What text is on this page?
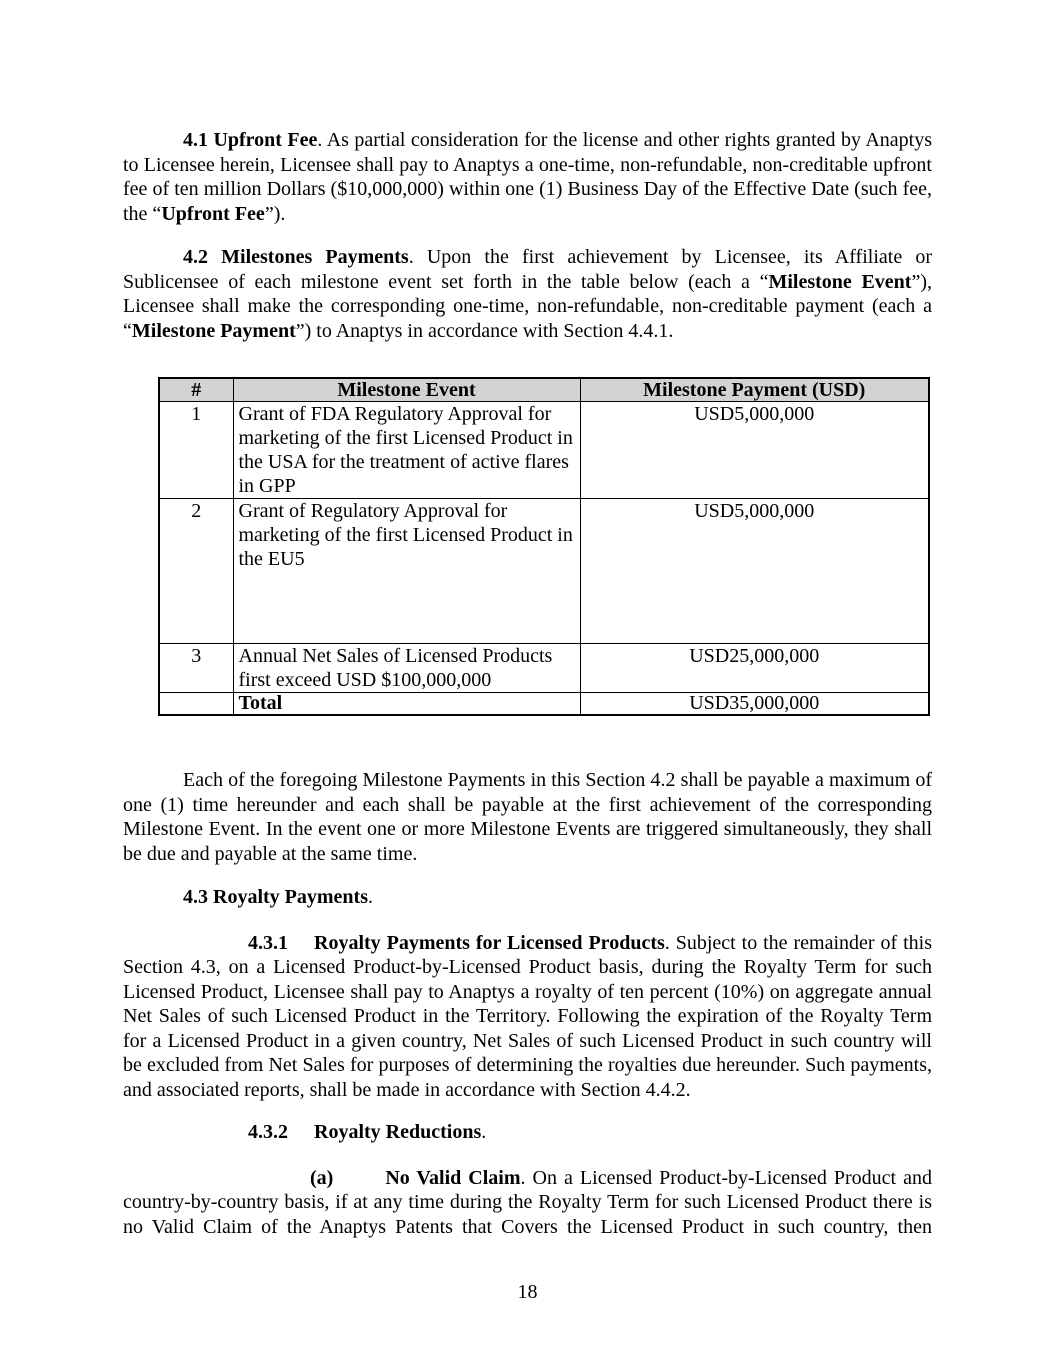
4.1 Upfront Fee. As partial consideration for the license and other rights granted by Anaptys to Licensee herein, Licensee shall pay to Anaptys a one-time, non-refundable, non-creditable upfront fee of ten million Dollars ($10,000,000) within one (1) Business Day of the Effective Date (such fee, the “Upfront Fee”).

4.2 Milestones Payments. Upon the first achievement by Licensee, its Affiliate or Sublicensee of each milestone event set forth in the table below (each a “Milestone Event”), Licensee shall make the corresponding one-time, non-refundable, non-creditable payment (each a “Milestone Payment”) to Anaptys in accordance with Section 4.4.1.

#	Milestone Event	Milestone Payment (USD)
1	Grant of FDA Regulatory Approval for marketing of the first Licensed Product in the USA for the treatment of active flares in GPP	USD5,000,000
2	Grant of Regulatory Approval for marketing of the first Licensed Product in the EU5	USD5,000,000
3	Annual Net Sales of Licensed Products first exceed USD $100,000,000	USD25,000,000
	Total	USD35,000,000

Each of the foregoing Milestone Payments in this Section 4.2 shall be payable a maximum of one (1) time hereunder and each shall be payable at the first achievement of the corresponding Milestone Event. In the event one or more Milestone Events are triggered simultaneously, they shall be due and payable at the same time.

4.3 Royalty Payments.

4.3.1 Royalty Payments for Licensed Products. Subject to the remainder of this Section 4.3, on a Licensed Product-by-Licensed Product basis, during the Royalty Term for such Licensed Product, Licensee shall pay to Anaptys a royalty of ten percent (10%) on aggregate annual Net Sales of such Licensed Product in the Territory. Following the expiration of the Royalty Term for a Licensed Product in a given country, Net Sales of such Licensed Product in such country will be excluded from Net Sales for purposes of determining the royalties due hereunder. Such payments, and associated reports, shall be made in accordance with Section 4.4.2.

4.3.2 Royalty Reductions.

(a)	No Valid Claim. On a Licensed Product-by-Licensed Product and country-by-country basis, if at any time during the Royalty Term for such Licensed Product there is no Valid Claim of the Anaptys Patents that Covers the Licensed Product in such country, then

18
